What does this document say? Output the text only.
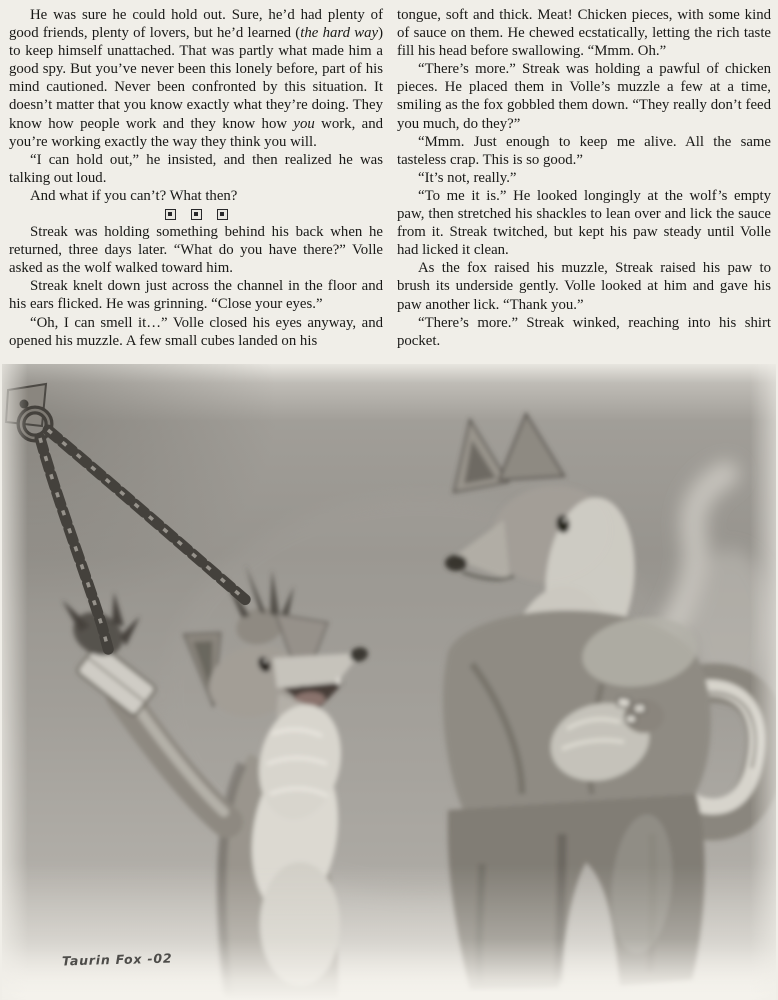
He was sure he could hold out. Sure, he’d had plenty of good friends, plenty of lovers, but he’d learned (the hard way) to keep himself unattached. That was partly what made him a good spy. But you’ve never been this lonely before, part of his mind cautioned. Never been confronted by this situation. It doesn’t matter that you know exactly what they’re doing. They know how people work and they know how you work, and you’re working exactly the way they think you will.

“I can hold out,” he insisted, and then realized he was talking out loud.

And what if you can’t? What then?

Streak was holding something behind his back when he returned, three days later. “What do you have there?” Volle asked as the wolf walked toward him.

Streak knelt down just across the channel in the floor and his ears flicked. He was grinning. “Close your eyes.”

“Oh, I can smell it…” Volle closed his eyes anyway, and opened his muzzle. A few small cubes landed on his

tongue, soft and thick. Meat! Chicken pieces, with some kind of sauce on them. He chewed ecstatically, letting the rich taste fill his head before swallowing. “Mmm. Oh.”

“There’s more.” Streak was holding a pawful of chicken pieces. He placed them in Volle’s muzzle a few at a time, smiling as the fox gobbled them down. “They really don’t feed you much, do they?”

“Mmm. Just enough to keep me alive. All the same tasteless crap. This is so good.”

“It’s not, really.”

“To me it is.” He looked longingly at the wolf’s empty paw, then stretched his shackles to lean over and lick the sauce from it. Streak twitched, but kept his paw steady until Volle had licked it clean.

As the fox raised his muzzle, Streak raised his paw to brush its underside gently. Volle looked at him and gave his paw another lick. “Thank you.”

“There’s more.” Streak winked, reaching into his shirt pocket.

Taurin Fox -02
